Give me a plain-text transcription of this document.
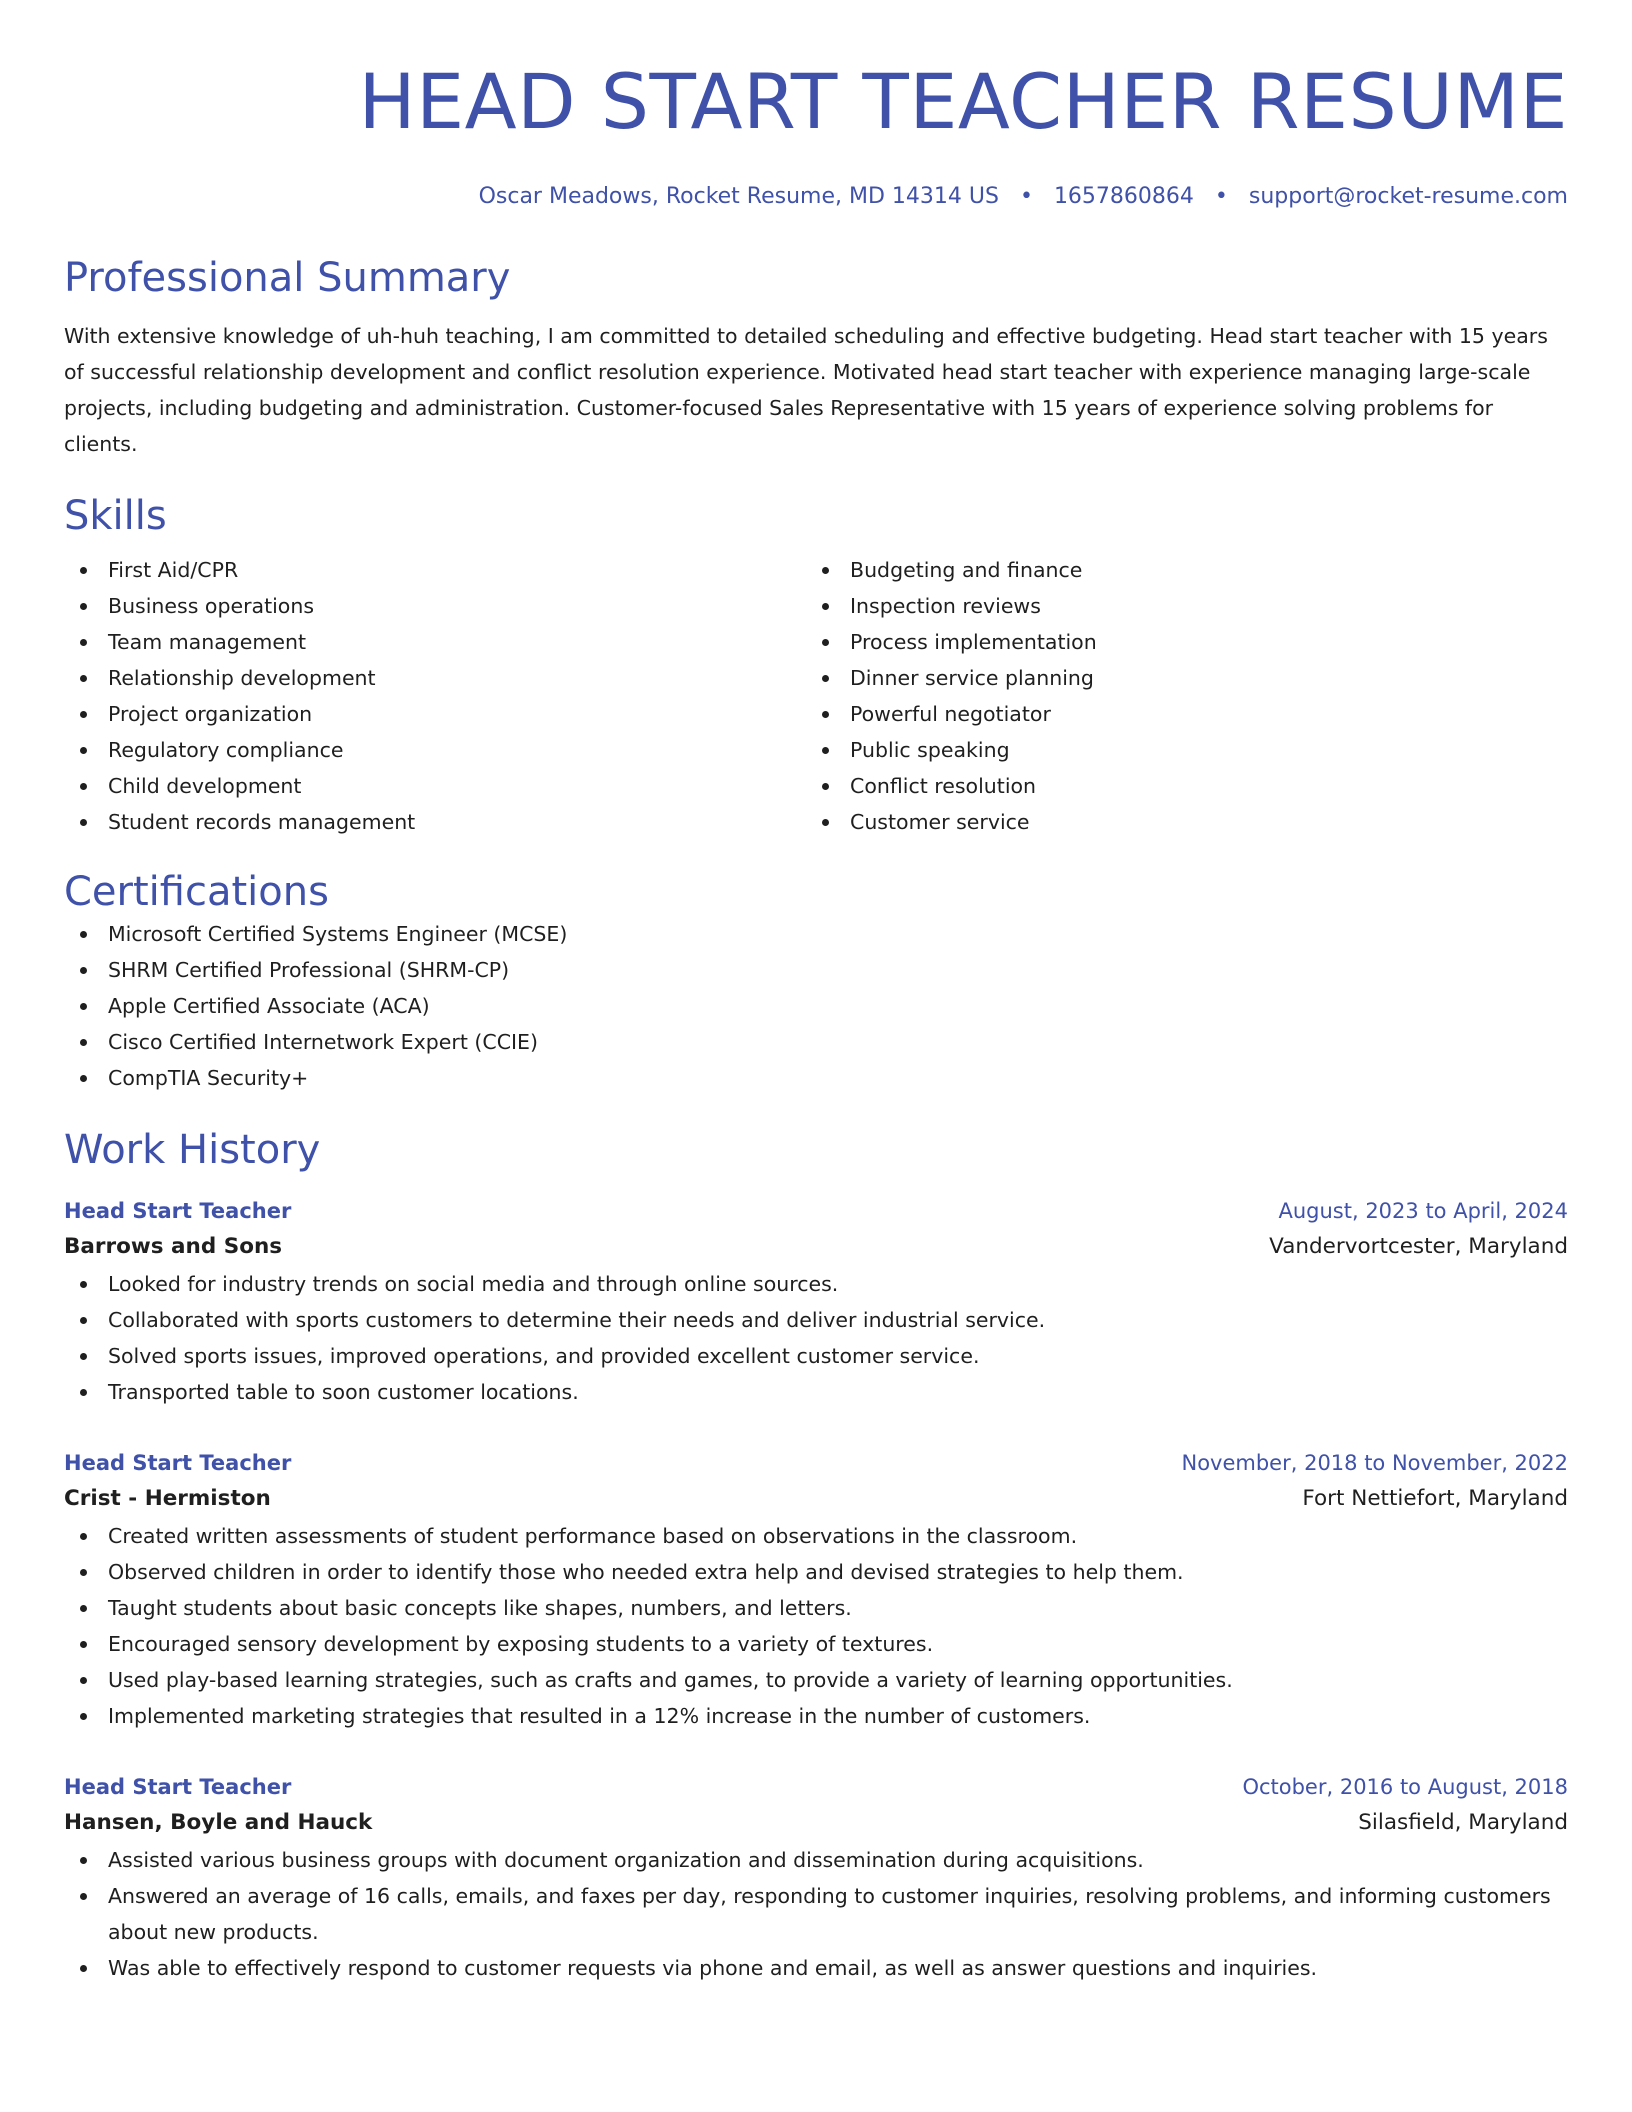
HEAD START TEACHER RESUME
Oscar Meadows, Rocket Resume, MD 14314 US • 1657860864 • support@rocket-resume.com
Professional Summary

With extensive knowledge of uh-huh teaching, I am committed to detailed scheduling and effective budgeting. Head start teacher with 15 years of successful relationship development and conflict resolution experience. Motivated head start teacher with experience managing large-scale projects, including budgeting and administration. Customer-focused Sales Representative with 15 years of experience solving problems for clients.

Skills
First Aid/CPR
Business operations
Team management
Relationship development
Project organization
Regulatory compliance
Child development
Student records management
Budgeting and finance
Inspection reviews
Process implementation
Dinner service planning
Powerful negotiator
Public speaking
Conflict resolution
Customer service
Certifications
Microsoft Certified Systems Engineer (MCSE)
SHRM Certified Professional (SHRM-CP)
Apple Certified Associate (ACA)
Cisco Certified Internetwork Expert (CCIE)
CompTIA Security+
Work History
Head Start Teacher	August, 2023 to April, 2024
Barrows and Sons	Vandervortcester, Maryland
Looked for industry trends on social media and through online sources.
Collaborated with sports customers to determine their needs and deliver industrial service.
Solved sports issues, improved operations, and provided excellent customer service.
Transported table to soon customer locations.
Head Start Teacher	November, 2018 to November, 2022
Crist - Hermiston	Fort Nettiefort, Maryland
Created written assessments of student performance based on observations in the classroom.
Observed children in order to identify those who needed extra help and devised strategies to help them.
Taught students about basic concepts like shapes, numbers, and letters.
Encouraged sensory development by exposing students to a variety of textures.
Used play-based learning strategies, such as crafts and games, to provide a variety of learning opportunities.
Implemented marketing strategies that resulted in a 12% increase in the number of customers.
Head Start Teacher	October, 2016 to August, 2018
Hansen, Boyle and Hauck	Silasfield, Maryland
Assisted various business groups with document organization and dissemination during acquisitions.
Answered an average of 16 calls, emails, and faxes per day, responding to customer inquiries, resolving problems, and informing customers about new products.
Was able to effectively respond to customer requests via phone and email, as well as answer questions and inquiries.
